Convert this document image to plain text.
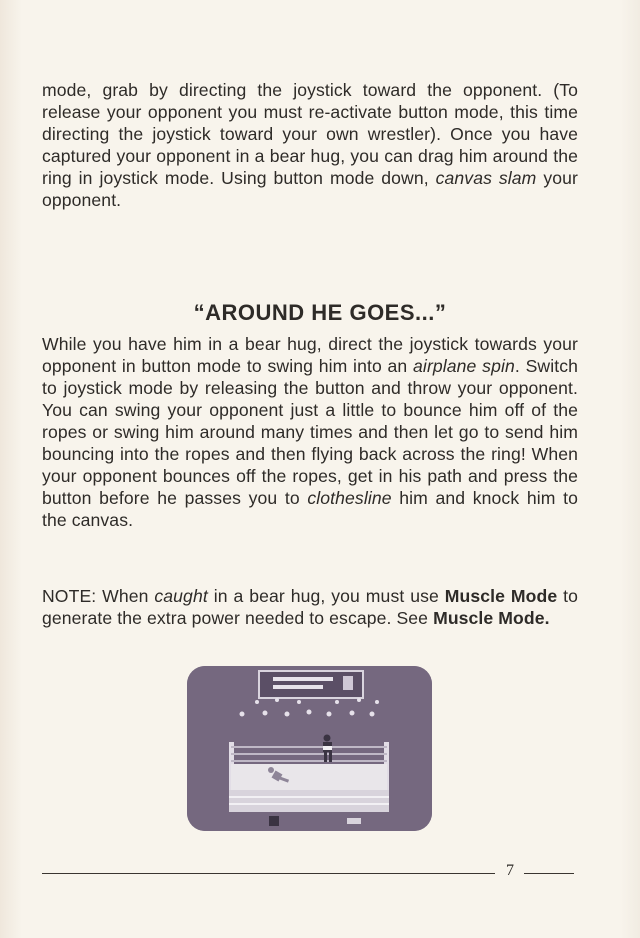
mode, grab by directing the joystick toward the opponent. (To release your opponent you must re-activate button mode, this time directing the joystick toward your own wrestler). Once you have captured your opponent in a bear hug, you can drag him around the ring in joystick mode. Using button mode down, canvas slam your opponent.

“AROUND HE GOES...”

While you have him in a bear hug, direct the joystick towards your opponent in button mode to swing him into an airplane spin. Switch to joystick mode by releasing the button and throw your opponent. You can swing your opponent just a little to bounce him off of the ropes or swing him around many times and then let go to send him bouncing into the ropes and then flying back across the ring! When your opponent bounces off the ropes, get in his path and press the button before he passes you to clothesline him and knock him to the canvas.

NOTE: When caught in a bear hug, you must use Muscle Mode to generate the extra power needed to escape. See Muscle Mode.

7
